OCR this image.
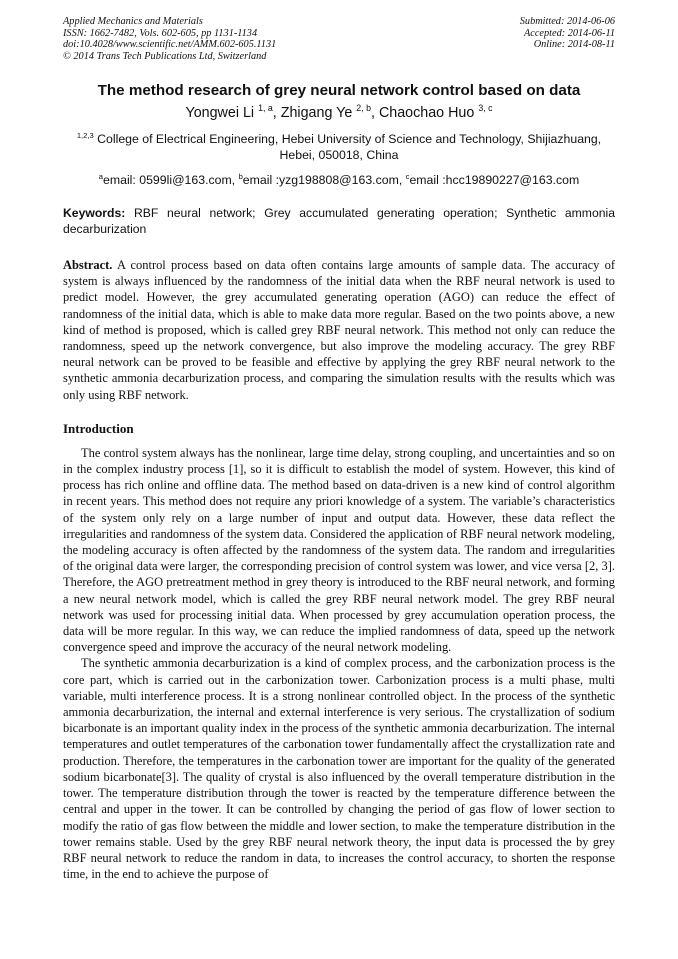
Applied Mechanics and Materials
ISSN: 1662-7482, Vols. 602-605, pp 1131-1134
doi:10.4028/www.scientific.net/AMM.602-605.1131
© 2014 Trans Tech Publications Ltd, Switzerland
Submitted: 2014-06-06
Accepted: 2014-06-11
Online: 2014-08-11
The method research of grey neural network control based on data
Yongwei Li $^{1, a}$, Zhigang Ye $^{2, b}$, Chaochao Huo $^{3, c}$
$^{1,2,3}$ College of Electrical Engineering, Hebei University of Science and Technology, Shijiazhuang, Hebei, 050018, China
$^a$email: 0599li@163.com, $^b$email :yzg198808@163.com, $^c$email :hcc19890227@163.com
Keywords: RBF neural network; Grey accumulated generating operation; Synthetic ammonia decarburization
Abstract. A control process based on data often contains large amounts of sample data. The accuracy of system is always influenced by the randomness of the initial data when the RBF neural network is used to predict model. However, the grey accumulated generating operation (AGO) can reduce the effect of randomness of the initial data, which is able to make data more regular. Based on the two points above, a new kind of method is proposed, which is called grey RBF neural network. This method not only can reduce the randomness, speed up the network convergence, but also improve the modeling accuracy. The grey RBF neural network can be proved to be feasible and effective by applying the grey RBF neural network to the synthetic ammonia decarburization process, and comparing the simulation results with the results which was only using RBF network.
Introduction

The control system always has the nonlinear, large time delay, strong coupling, and uncertainties and so on in the complex industry process [1], so it is difficult to establish the model of system. However, this kind of process has rich online and offline data. The method based on data-driven is a new kind of control algorithm in recent years. This method does not require any priori knowledge of a system. The variable’s characteristics of the system only rely on a large number of input and output data. However, these data reflect the irregularities and randomness of the system data. Considered the application of RBF neural network modeling, the modeling accuracy is often affected by the randomness of the system data. The random and irregularities of the original data were larger, the corresponding precision of control system was lower, and vice versa [2, 3]. Therefore, the AGO pretreatment method in grey theory is introduced to the RBF neural network, and forming a new neural network model, which is called the grey RBF neural network model. The grey RBF neural network was used for processing initial data. When processed by grey accumulation operation process, the data will be more regular. In this way, we can reduce the implied randomness of data, speed up the network convergence speed and improve the accuracy of the neural network modeling.

The synthetic ammonia decarburization is a kind of complex process, and the carbonization process is the core part, which is carried out in the carbonization tower. Carbonization process is a multi phase, multi variable, multi interference process. It is a strong nonlinear controlled object. In the process of the synthetic ammonia decarburization, the internal and external interference is very serious. The crystallization of sodium bicarbonate is an important quality index in the process of the synthetic ammonia decarburization. The internal temperatures and outlet temperatures of the carbonation tower fundamentally affect the crystallization rate and production. Therefore, the temperatures in the carbonation tower are important for the quality of the generated sodium bicarbonate[3]. The quality of crystal is also influenced by the overall temperature distribution in the tower. The temperature distribution through the tower is reacted by the temperature difference between the central and upper in the tower. It can be controlled by changing the period of gas flow of lower section to modify the ratio of gas flow between the middle and lower section, to make the temperature distribution in the tower remains stable. Used by the grey RBF neural network theory, the input data is processed the by grey RBF neural network to reduce the random in data, to increases the control accuracy, to shorten the response time, in the end to achieve the purpose of
